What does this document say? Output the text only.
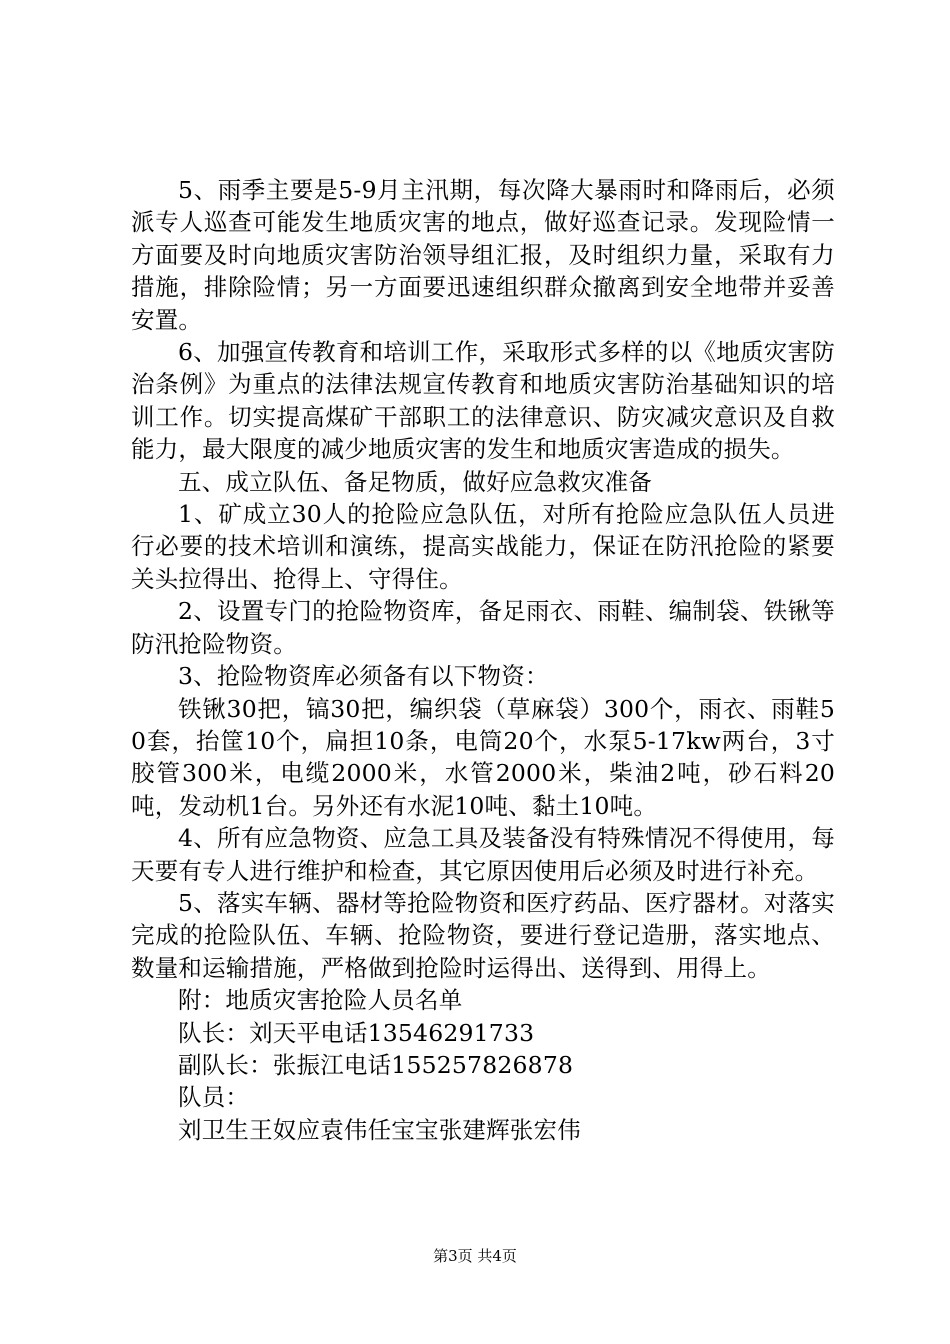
5、雨季主要是5-9月主汛期，每次降大暴雨时和降雨后，必须派专人巡查可能发生地质灾害的地点，做好巡查记录。发现险情一方面要及时向地质灾害防治领导组汇报，及时组织力量，采取有力措施，排除险情；另一方面要迅速组织群众撤离到安全地带并妥善安置。

6、加强宣传教育和培训工作，采取形式多样的以《地质灾害防治条例》为重点的法律法规宣传教育和地质灾害防治基础知识的培训工作。切实提高煤矿干部职工的法律意识、防灾减灾意识及自救能力，最大限度的减少地质灾害的发生和地质灾害造成的损失。

五、成立队伍、备足物质，做好应急救灾准备

1、矿成立30人的抢险应急队伍，对所有抢险应急队伍人员进行必要的技术培训和演练，提高实战能力，保证在防汛抢险的紧要关头拉得出、抢得上、守得住。

2、设置专门的抢险物资库，备足雨衣、雨鞋、编制袋、铁锹等防汛抢险物资。

3、抢险物资库必须备有以下物资：

铁锹30把，镐30把，编织袋（草麻袋）300个，雨衣、雨鞋50套，抬筐10个，扁担10条，电筒20个，水泵5-17kw两台，3寸胶管300米，电缆2000米，水管2000米，柴油2吨，砂石料20吨，发动机1台。另外还有水泥10吨、黏土10吨。

4、所有应急物资、应急工具及装备没有特殊情况不得使用，每天要有专人进行维护和检查，其它原因使用后必须及时进行补充。

5、落实车辆、器材等抢险物资和医疗药品、医疗器材。对落实完成的抢险队伍、车辆、抢险物资，要进行登记造册，落实地点、数量和运输措施，严格做到抢险时运得出、送得到、用得上。

附：地质灾害抢险人员名单

队长：刘天平电话13546291733

副队长：张振江电话155257826878

队员：

刘卫生王奴应袁伟任宝宝张建辉张宏伟

第3页 共4页
